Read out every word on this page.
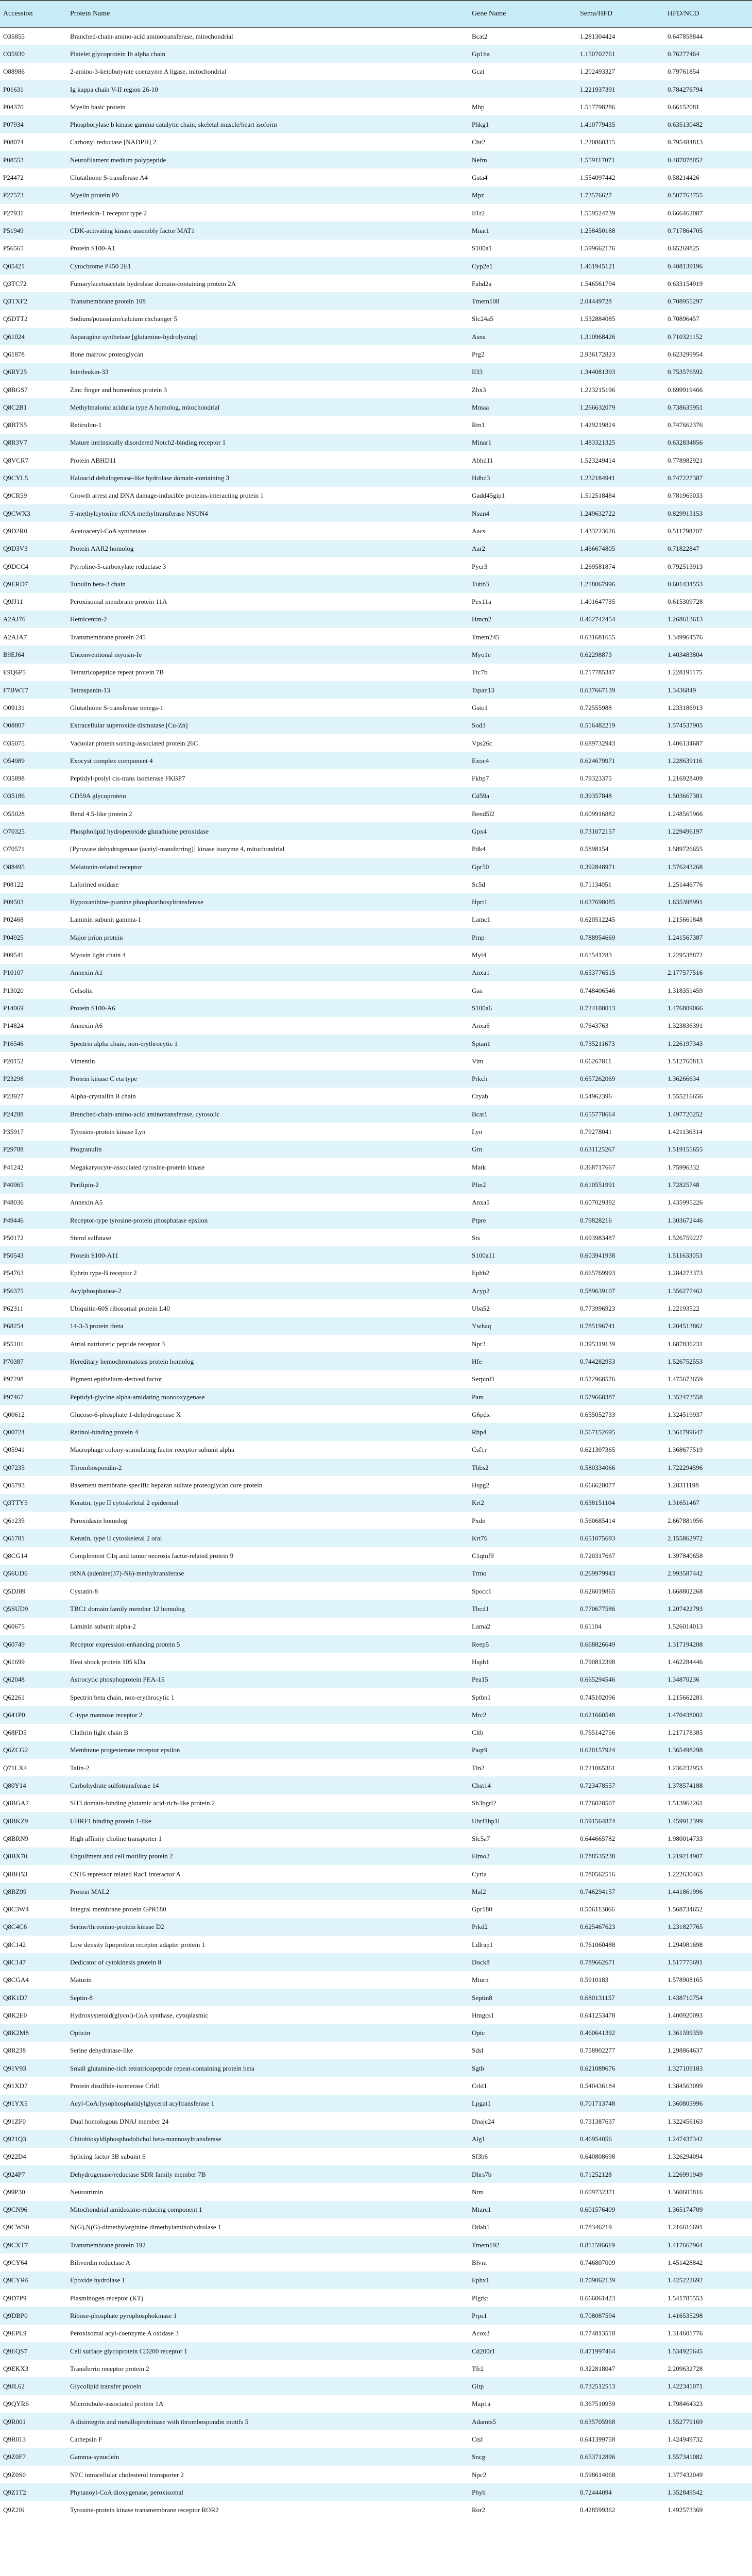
Accession	Protein Name	Gene Name	Sema/HFD	HFD/NCD
O35855	Branched-chain-amino-acid aminotransferase, mitochondrial	Bcat2	1.281304424	0.647858844
O35930	Platelet glycoprotein Ib alpha chain	Gp1ba	1.150702761	0.76277464
O88986	2-amino-3-ketobutyrate coenzyme A ligase, mitochondrial	Gcat	1.202493327	0.79761854
P01631	Ig kappa chain V-II region 26-10		1.221937391	0.784276794
P04370	Myelin basic protein	Mbp	1.517798286	0.66152081
P07934	Phosphorylase b kinase gamma catalytic chain, skeletal muscle/heart isoform	Phkg1	1.410779435	0.635130482
P08074	Carbonyl reductase [NADPH] 2	Cbr2	1.220860315	0.795484813
P08553	Neurofilament medium polypeptide	Nefm	1.559117071	0.487078052
P24472	Glutathione S-transferase A4	Gsta4	1.554097442	0.58214426
P27573	Myelin protein P0	Mpz	1.73576627	0.507763755
P27931	Interleukin-1 receptor type 2	Il1r2	1.559524739	0.666462087
P51949	CDK-activating kinase assembly factor MAT1	Mnat1	1.258450188	0.717864705
P56565	Protein S100-A1	S100a1	1.599662176	0.65269825
Q05421	Cytochrome P450 2E1	Cyp2e1	1.461945121	0.408139196
Q3TC72	Fumarylacetoacetate hydrolase domain-containing protein 2A	Fahd2a	1.546561794	0.633154919
Q3TXF2	Transmembrane protein 108	Tmem108	2.04449728	0.708955297
Q5DTT2	Sodium/potassium/calcium exchanger 5	Slc24a5	1.532884085	0.70896457
Q61024	Asparagine synthetase [glutamine-hydrolyzing]	Asns	1.310968426	0.710321152
Q61878	Bone marrow proteoglycan	Prg2	2.936172823	0.623299954
Q6RY25	Interleukin-33	Il33	1.344081393	0.753576592
Q8BGS7	Zinc finger and homeobox protein 3	Zhx3	1.223215196	0.699919466
Q8C2B1	Methylmalonic aciduria type A homolog, mitochondrial	Mmaa	1.266632079	0.738635951
Q8BTS5	Reticulon-1	Rtn1	1.429219824	0.747662376
Q8R3V7	Mature intrinsically disordered Notch2-binding receptor 1	Minar1	1.483321325	0.632834856
Q8VCR7	Protein ABHD11	Abhd11	1.523249414	0.778982921
Q9CYL5	Haloacid dehalogenase-like hydrolase domain-containing 3	Hdhd3	1.232184941	0.747227387
Q9CR59	Growth arrest and DNA damage-inducible proteins-interacting protein 1	Gadd45gip1	1.512518484	0.781965033
Q9CWX3	5'-methylcytosine rRNA methyltransferase NSUN4	Nsun4	1.249632722	0.829913153
Q9D2R0	Acetoacetyl-CoA synthetase	Aacs	1.433223626	0.511798207
Q9D3V3	Protein AAR2 homolog	Aar2	1.466674805	0.71822847
Q9DCC4	Pyrroline-5-carboxylate reductase 3	Pycr3	1.269581874	0.792513913
Q9ERD7	Tubulin beta-3 chain	Tubb3	1.218067996	0.601434553
Q9JJ11	Peroxisomal membrane protein 11A	Pex11a	1.401647735	0.615309728
A2AJ76	Hemicentin-2	Hmcn2	0.462742454	1.268613613
A2AJA7	Transmembrane protein 245	Tmem245	0.631681655	1.349964576
B9EJ64	Unconventional myosin-Ie	Myo1e	0.62298873	1.403483804
E9Q6P5	Tetratricopeptide repeat protein 7B	Ttc7b	0.717785347	1.228191175
F7BWT7	Tetraspanin-13	Tspan13	0.637667139	1.3436849
O09131	Glutathione S-transferase omega-1	Gsto1	0.72555988	1.233186913
O08807	Extracellular superoxide dismutase [Cu-Zn]	Sod3	0.516482219	1.574537905
O35075	Vacuolar protein sorting-associated protein 26C	Vps26c	0.689732943	1.406134687
O54989	Exocyst complex component 4	Exoc4	0.624679971	1.228639116
O35898	Peptidyl-prolyl cis-trans isomerase FKBP7	Fkbp7	0.79323375	1.216928409
O35186	CD59A glycoprotein	Cd59a	0.39357848	1.503667381
O55028	Bend 4.5-like protein 2	Bend5l2	0.609916882	1.248565966
O70325	Phospholipid hydroperoxide glutathione peroxidase	Gpx4	0.731072157	1.229496197
O70571	[Pyruvate dehydrogenase (acetyl-transferring)] kinase isozyme 4, mitochondrial	Pdk4	0.5898154	1.589726655
O88495	Melatonin-related receptor	Gpr50	0.392848971	1.576243268
P08122	Laforined oxidase	Sc5d	0.71134051	1.251446776
P09503	Hypoxanthine-guanine phosphoribosyltransferase	Hprt1	0.637698085	1.635398991
P02468	Laminin subunit gamma-1	Lamc1	0.620512245	1.215661848
P04925	Major prion protein	Prnp	0.788954669	1.241567387
P09541	Myosin light chain 4	Myl4	0.61541283	1.229538872
P10107	Annexin A1	Anxa1	0.653776515	2.177577516
P13020	Gelsolin	Gsn	0.748406546	1.318351459
P14069	Protein S100-A6	S100a6	0.724108013	1.476809066
P14824	Annexin A6	Anxa6	0.7643763	1.323836391
P16546	Spectrin alpha chain, non-erythrocytic 1	Sptan1	0.735211673	1.226197343
P20152	Vimentin	Vim	0.66267811	1.512760813
P23298	Protein kinase C eta type	Prkch	0.657262069	1.36266634
P23927	Alpha-crystallin B chain	Cryab	0.54962396	1.555216656
P24288	Branched-chain-amino-acid aminotransferase, cytosolic	Bcat1	0.655778664	1.497720252
P35917	Tyrosine-protein kinase Lyn	Lyn	0.79278041	1.421136314
P29788	Progranulin	Grn	0.631125267	1.519155655
P41242	Megakaryocyte-associated tyrosine-protein kinase	Matk	0.368717667	1.75996332
P40965	Perilipin-2	Plin2	0.610551991	1.72825748
P48036	Annexin A5	Anxa5	0.607029392	1.435995226
P49446	Receptor-type tyrosine-protein phosphatase epsilon	Ptpre	0.79828216	1.303672446
P50172	Sterol sulfatase	Sts	0.693983487	1.526759227
P50543	Protein S100-A11	S100a11	0.603941938	1.511633053
P54763	Ephrin type-B receptor 2	Ephb2	0.665769993	1.284273373
P56375	Acylphosphatase-2	Acyp2	0.589639107	1.356277462
P62311	Ubiquitin-60S ribosomal protein L40	Uba52	0.773996923	1.22193522
P68254	14-3-3 protein theta	Ywhaq	0.785196741	1.204513862
P55101	Atrial natriuretic peptide receptor 3	Npr3	0.395319139	1.687836231
P70387	Hereditary hemochromatosis protein homolog	Hfe	0.744282953	1.526752553
P97298	Pigment epithelium-derived factor	Serpinf1	0.572968576	1.475673659
P97467	Peptidyl-glycine alpha-amidating monooxygenase	Pam	0.579668387	1.352473558
Q00612	Glucose-6-phosphate 1-dehydrogenase X	G6pdx	0.655052733	1.324519937
Q00724	Retinol-binding protein 4	Rbp4	0.567152695	1.361799647
Q05941	Macrophage colony-stimulating factor receptor subunit alpha	Csf1r	0.621307365	1.368677519
Q07235	Thrombospondin-2	Thbs2	0.580334066	1.722294596
Q05793	Basement membrane-specific heparan sulfate proteoglycan core protein	Hspg2	0.666628077	1.28311198
Q3TTY5	Keratin, type II cytoskeletal 2 epidermal	Krt2	0.638151104	1.31651467
Q61235	Peroxidasin homolog	Pxdn	0.560685414	2.667881956
Q61781	Keratin, type II cytoskeletal 2 oral	Krt76	0.651075693	2.155862972
Q8CG14	Complement C1q and tumor necrosis factor-related protein 9	C1qtnf9	0.720317667	1.397840658
Q56UD6	tRNA (adenine(37)-N6)-methyltransferase	Trmo	0.269979943	2.993587442
Q5DJ89	Cystatin-8	Spocc1	0.626019865	1.668802268
Q5SUD9	TBC1 domain family member 12 homolog	Tbcd1	0.770677586	1.207422793
Q60675	Laminin subunit alpha-2	Lama2	0.61104	1.526014013
Q60749	Receptor expression-enhancing protein 5	Reep5	0.668826649	1.317194208
Q61699	Heat shock protein 105 kDa	Hsph1	0.790812398	1.462284446
Q62048	Astrocytic phosphoprotein PEA-15	Pea15	0.665294546	1.34870236
Q62261	Spectrin beta chain, non-erythrocytic 1	Sptbn1	0.745102096	1.215662281
Q641P0	C-type mannose receptor 2	Mrc2	0.621660548	1.470438002
Q68FD5	Clathrin light chain B	Cltb	0.765142756	1.217178385
Q6ZCG2	Membrane progesterone receptor epsilon	Paqr9	0.620157924	1.365498298
Q71LX4	Talin-2	Tln2	0.721065361	1.236232953
Q80Y14	Carbohydrate sulfotransferase 14	Chst14	0.723478557	1.378574188
Q8BGA2	SH3 domain-binding glutamic acid-rich-like protein 2	Sh3bgrl2	0.776028507	1.513962261
Q8BKZ9	UHRF1 binding protein 1-like	Uhrf1bp1l	0.591564874	1.459912399
Q8BRN9	High affinity choline transporter 1	Slc5a7	0.644665782	1.980014733
Q8BX70	Engulfment and cell motility protein 2	Elmo2	0.788535238	1.219214907
Q8BH53	CST6 repressor related Rac1 interactor A	Cyria	0.780562516	1.222630463
Q8BZ99	Protein MAL2	Mal2	0.746294157	1.441861996
Q8C3W4	Integral membrane protein GPR180	Gpr180	0.506113866	1.568734652
Q8C4C6	Serine/threonine-protein kinase D2	Prkd2	0.625467623	1.231827765
Q8C142	Low density lipoprotein receptor adapter protein 1	Ldlrap1	0.761060488	1.294981698
Q8C147	Dedicator of cytokinesis protein 8	Dock8	0.789662671	1.517775691
Q8CGA4	Maturin	Mturn	0.5910183	1.578908165
Q8K1D7	Septin-8	Septin8	0.680131157	1.438710754
Q8K2E0	Hydroxysteroid(glycol)-CoA synthase, cytoplasmic	Hmgcs1	0.641253478	1.400920093
Q8K2M8	Opticin	Optc	0.460641392	1.361599359
Q8R238	Serine dehydratase-like	Sdsl	0.758902277	1.298864637
Q91V93	Small glutamine-rich tetratricopeptide repeat-containing protein beta	Sgtb	0.621089676	1.327109183
Q91XD7	Protein disulfide-isomerase Crld1	Crld1	0.540436184	1.384563099
Q91YX5	Acyl-CoA:lysophosphatidylglycerol acyltransferase 1	Lpgat1	0.701713748	1.360805996
Q91ZF0	Dual homologous DNAJ member 24	Dnajc24	0.731387637	1.322456163
Q921Q3	Chitobiosyldiphosphodolichol beta-mannosyltransferase	Alg1	0.46954056	1.247437342
Q922D4	Splicing factor 3B subunit 6	Sf3b6	0.640808698	1.326294094
Q924P7	Dehydrogenase/reductase SDR family member 7B	Dhrs7b	0.71252128	1.226991949
Q99P30	Neurotrimin	Ntm	0.609732371	1.360605816
Q9CN96	Mitochondrial amidoxime-reducing component 1	Mtarc1	0.601576409	1.365174709
Q9CWS0	N(G),N(G)-dimethylarginine dimethylaminohydrolase 1	Ddah1	0.78346219	1.216616691
Q9CXT7	Transmembrane protein 192	Tmem192	0.811596619	1.417667964
Q9CY64	Biliverdin reductase A	Blvra	0.746807009	1.451428842
Q9CYR6	Epoxide hydrolase 1	Ephx1	0.709062139	1.425222692
Q9D7P9	Plasminogen receptor (KT)	Plgrkt	0.666061423	1.541785553
Q9DBP0	Ribose-phosphate pyrophosphokinase 1	Prps1	0.708087594	1.416535298
Q9EPL9	Peroxisomal acyl-coenzyme A oxidase 3	Acox3	0.774813518	1.314601776
Q9EQS7	Cell surface glycoprotein CD200 receptor 1	Cd200r1	0.471997464	1.534925645
Q9EKX3	Transferrin receptor protein 2	Tfr2	0.322818047	2.209632728
Q9JL62	Glycolipid transfer protein	Gltp	0.732512513	1.422341071
Q9QYR6	Microtubule-associated protein 1A	Map1a	0.367510959	1.798464323
Q9R001	A disintegrin and metalloproteinase with thrombospondin motifs 5	Adamts5	0.635705968	1.552779169
Q9R013	Cathepsin F	Ctsf	0.641399758	1.424949732
Q9Z0F7	Gamma-synuclein	Sncg	0.653712896	1.557341082
Q9Z0S0	NPC intracellular cholesterol transporter 2	Npc2	0.598614068	1.377432049
Q9Z1T2	Phytanoyl-CoA dioxygenase, peroxisomal	Phyh	0.72444094	1.352849542
Q9Z2I6	Tyrosine-protein kinase transmembrane receptor ROR2	Ror2	0.428599362	1.492573369
